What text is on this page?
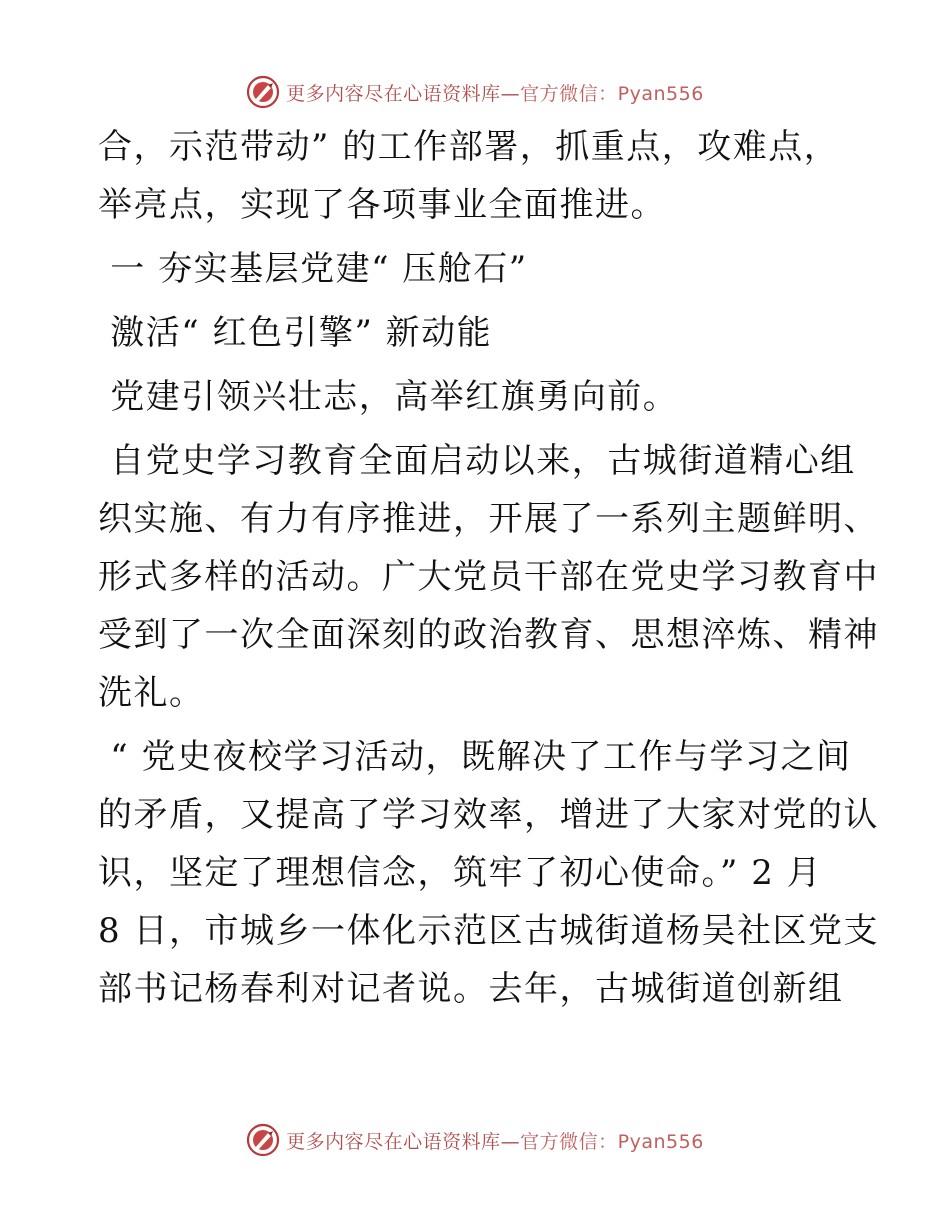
更多内容尽在心语资料库—官方微信：Pyan556
合，示范带动” 的工作部署，抓重点，攻难点，
举亮点，实现了各项事业全面推进。
一 夯实基层党建“ 压舱石”
激活“ 红色引擎” 新动能
党建引领兴壮志，高举红旗勇向前。
自党史学习教育全面启动以来，古城街道精心组
织实施、有力有序推进，开展了一系列主题鲜明、
形式多样的活动。广大党员干部在党史学习教育中
受到了一次全面深刻的政治教育、思想淬炼、精神
洗礼。
“ 党史夜校学习活动，既解决了工作与学习之间
的矛盾，又提高了学习效率，增进了大家对党的认
识，坚定了理想信念，筑牢了初心使命。” 2 月
8 日，市城乡一体化示范区古城街道杨吴社区党支
部书记杨春利对记者说。去年，古城街道创新组
更多内容尽在心语资料库—官方微信：Pyan556
